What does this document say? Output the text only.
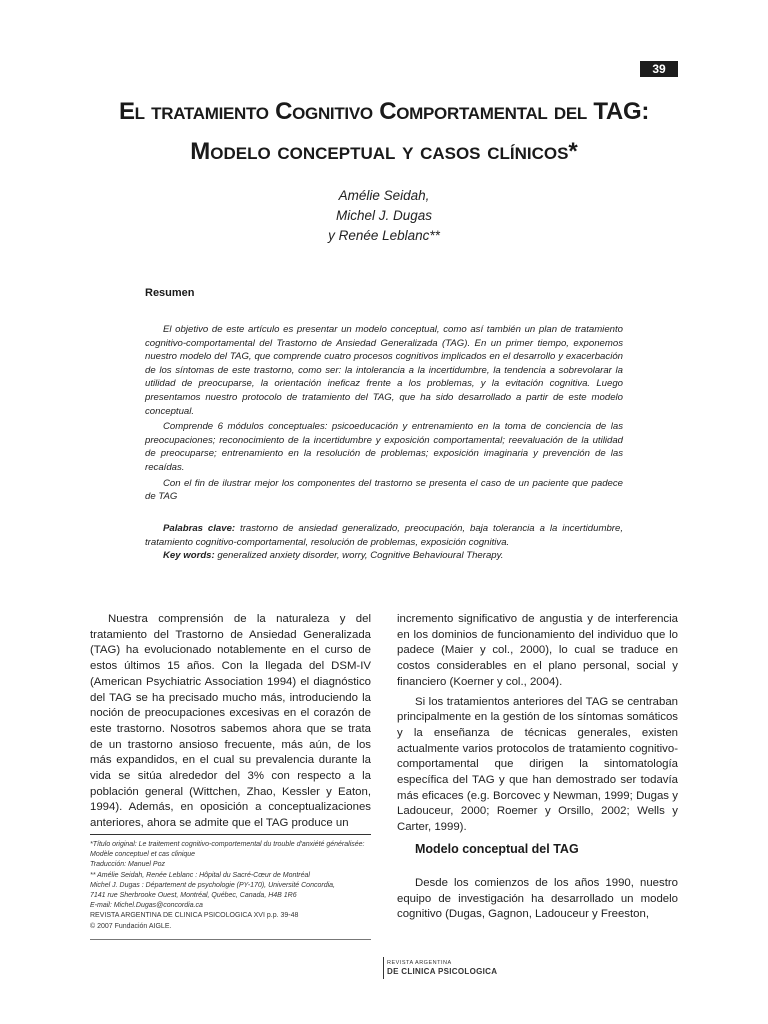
39
El tratamiento Cognitivo Comportamental del TAG:
Modelo conceptual y casos clínicos*
Amélie Seidah,
Michel J. Dugas
y Renée Leblanc**
Resumen

El objetivo de este artículo es presentar un modelo conceptual, como así también un plan de tratamiento cognitivo-comportamental del Trastorno de Ansiedad Generalizada (TAG). En un primer tiempo, exponemos nuestro modelo del TAG, que comprende cuatro procesos cognitivos implicados en el desarrollo y exacerbación de los síntomas de este trastorno, como ser: la intolerancia a la incertidumbre, la tendencia a sobrevolarar la utilidad de preocuparse, la orientación ineficaz frente a los problemas, y la evitación cognitiva. Luego presentamos nuestro protocolo de tratamiento del TAG, que ha sido desarrollado a partir de este modelo conceptual.

Comprende 6 módulos conceptuales: psicoeducación y entrenamiento en la toma de conciencia de las preocupaciones; reconocimiento de la incertidumbre y exposición comportamental; reevaluación de la utilidad de preocuparse; entrenamiento en la resolución de problemas; exposición imaginaria y prevención de las recaídas.

Con el fin de ilustrar mejor los componentes del trastorno se presenta el caso de un paciente que padece de TAG

Palabras clave: trastorno de ansiedad generalizado, preocupación, baja tolerancia a la incertidumbre, tratamiento cognitivo-comportamental, resolución de problemas, exposición cognitiva.

Key words: generalized anxiety disorder, worry, Cognitive Behavioural Therapy.

Nuestra comprensión de la naturaleza y del tratamiento del Trastorno de Ansiedad Generalizada (TAG) ha evolucionado notablemente en el curso de estos últimos 15 años. Con la llegada del DSM-IV (American Psychiatric Association 1994) el diagnóstico del TAG se ha precisado mucho más, introduciendo la noción de preocupaciones excesivas en el corazón de este trastorno. Nosotros sabemos ahora que se trata de un trastorno ansioso frecuente, más aún, de los más expandidos, en el cual su prevalencia durante la vida se sitúa alrededor del 3% con respecto a la población general (Wittchen, Zhao, Kessler y Eaton, 1994). Además, en oposición a conceptualizaciones anteriores, ahora se admite que el TAG produce un

incremento significativo de angustia y de interferencia en los dominios de funcionamiento del individuo que lo padece (Maier y col., 2000), lo cual se traduce en costos considerables en el plano personal, social y financiero (Koerner y col., 2004).

Si los tratamientos anteriores del TAG se centraban principalmente en la gestión de los síntomas somáticos y la enseñanza de técnicas generales, existen actualmente varios protocolos de tratamiento cognitivo-comportamental que dirigen la sintomatología específica del TAG y que han demostrado ser todavía más eficaces (e.g. Borcovec y Newman, 1999; Dugas y Ladouceur, 2000; Roemer y Orsillo, 2002; Wells y Carter, 1999).

Modelo conceptual del TAG

Desde los comienzos de los años 1990, nuestro equipo de investigación ha desarrollado un modelo cognitivo (Dugas, Gagnon, Ladouceur y Freeston,

*Título original: Le traitement cognitivo-comportemental du trouble d'anxiété généralisée: Modèle conceptuel et cas clinique
Traducción: Manuel Poz
** Amélie Seidah, Renée Leblanc : Hôpital du Sacré-Cœur de Montréal
Michel J. Dugas : Département de psychologie (PY-170), Université Concordia,
7141 rue Sherbrooke Ouest, Montréal, Québec, Canada, H4B 1R6
E-mail: Michel.Dugas@concordia.ca
REVISTA ARGENTINA DE CLINICA PSICOLOGICA XVI p.p. 39-48
© 2007 Fundación AIGLE.
REVISTA ARGENTINA
DE CLINICA PSICOLOGICA
